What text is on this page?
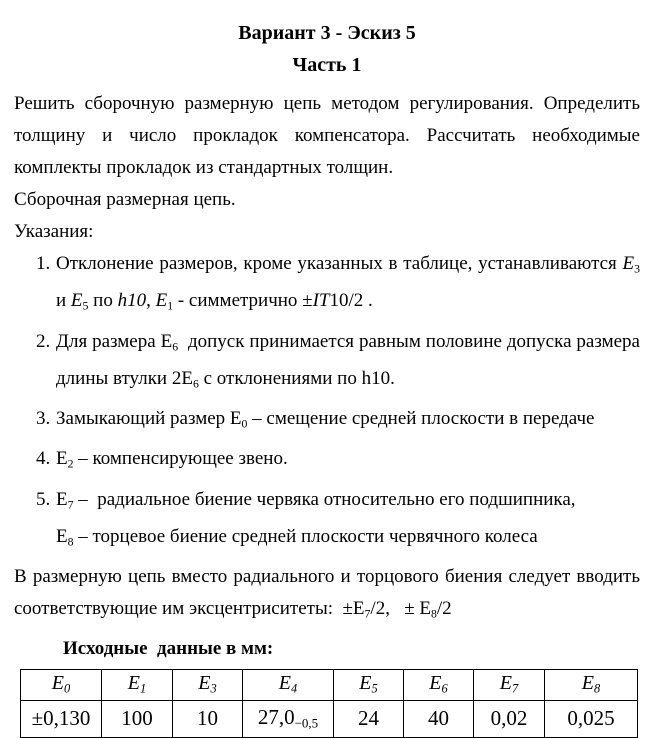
Вариант 3 - Эскиз 5
Часть 1

Решить сборочную размерную цепь методом регулирования. Определить толщину и число прокладок компенсатора. Рассчитать необходимые комплекты прокладок из стандартных толщин.

Сборочная размерная цепь.

Указания:

1. Отклонение размеров, кроме указанных в таблице, устанавливаются E3 и E5 по h10, E1 - симметрично ±IT10/2 .
2. Для размера Е6  допуск принимается равным половине допуска размера длины втулки 2Е6 с отклонениями по h10.
3. Замыкающий размер Е0 – смещение средней плоскости в передаче
4. Е2 – компенсирующее звено.
5. Е7 –  радиальное биение червяка относительно его подшипника,
Е8 – торцевое биение средней плоскости червячного колеса

В размерную цепь вместо радиального и торцового биения следует вводить соответствующие им эксцентриситеты:  ±Е7/2,   ± Е8/2

Исходные  данные в мм:

E0	E1	E3	E4	E5	E6	E7	E8
±0,130	100	10	27,0−0,5	24	40	0,02	0,025
